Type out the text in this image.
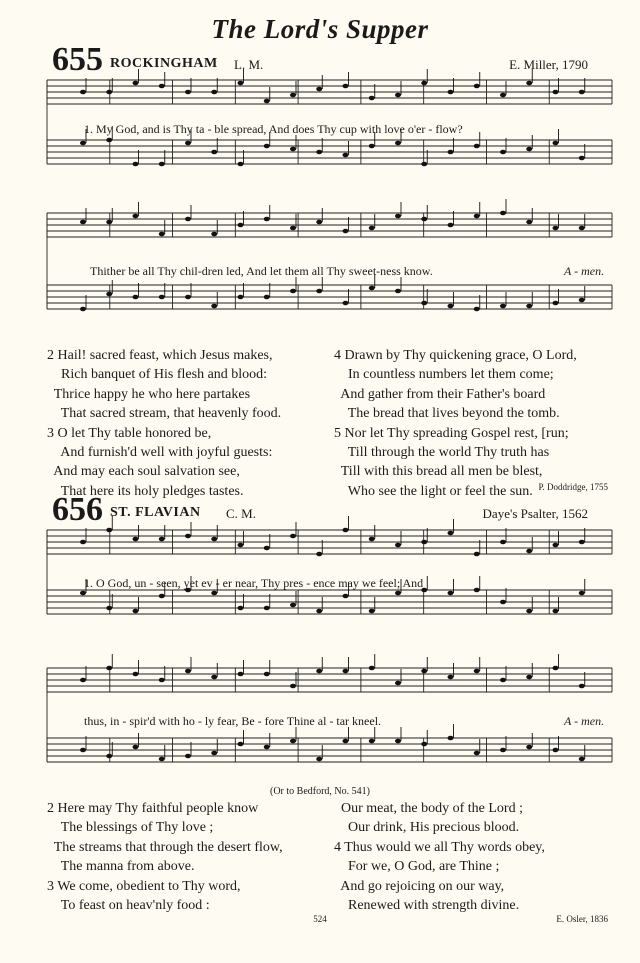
The Lord's Supper
655 ROCKINGHAM L. M.	E. Miller, 1790
1. My God, and is Thy ta - ble spread, And does Thy cup with love o'er - flow?
Thither be all Thy chil-dren led, And let them all Thy sweet-ness know.	A - men.
2 Hail! sacred feast, which Jesus makes,
Rich banquet of His flesh and blood:
Thrice happy he who here partakes
That sacred stream, that heavenly food.
3 O let Thy table honored be,
And furnish'd well with joyful guests:
And may each soul salvation see,
That here its holy pledges tastes.
4 Drawn by Thy quickening grace, O Lord,
In countless numbers let them come;
And gather from their Father's board
The bread that lives beyond the tomb.
5 Nor let Thy spreading Gospel rest, [run;
Till through the world Thy truth has
Till with this bread all men be blest,
Who see the light or feel the sun. P. Doddridge, 1755
656 ST. FLAVIAN C. M.	Daye's Psalter, 1562
1. O God, un - seen, yet ev - er near, Thy pres - ence may we feel; And
thus, in - spir'd with ho - ly fear, Be - fore Thine al - tar kneel.	A - men.
(Or to Bedford, No. 541)
2 Here may Thy faithful people know
The blessings of Thy love ;
The streams that through the desert flow,
The manna from above.
3 We come, obedient to Thy word,
To feast on heav'nly food :
Our meat, the body of the Lord ;
Our drink, His precious blood.
4 Thus would we all Thy words obey,
For we, O God, are Thine ;
And go rejoicing on our way,
Renewed with strength divine.
E. Osler, 1836
524
